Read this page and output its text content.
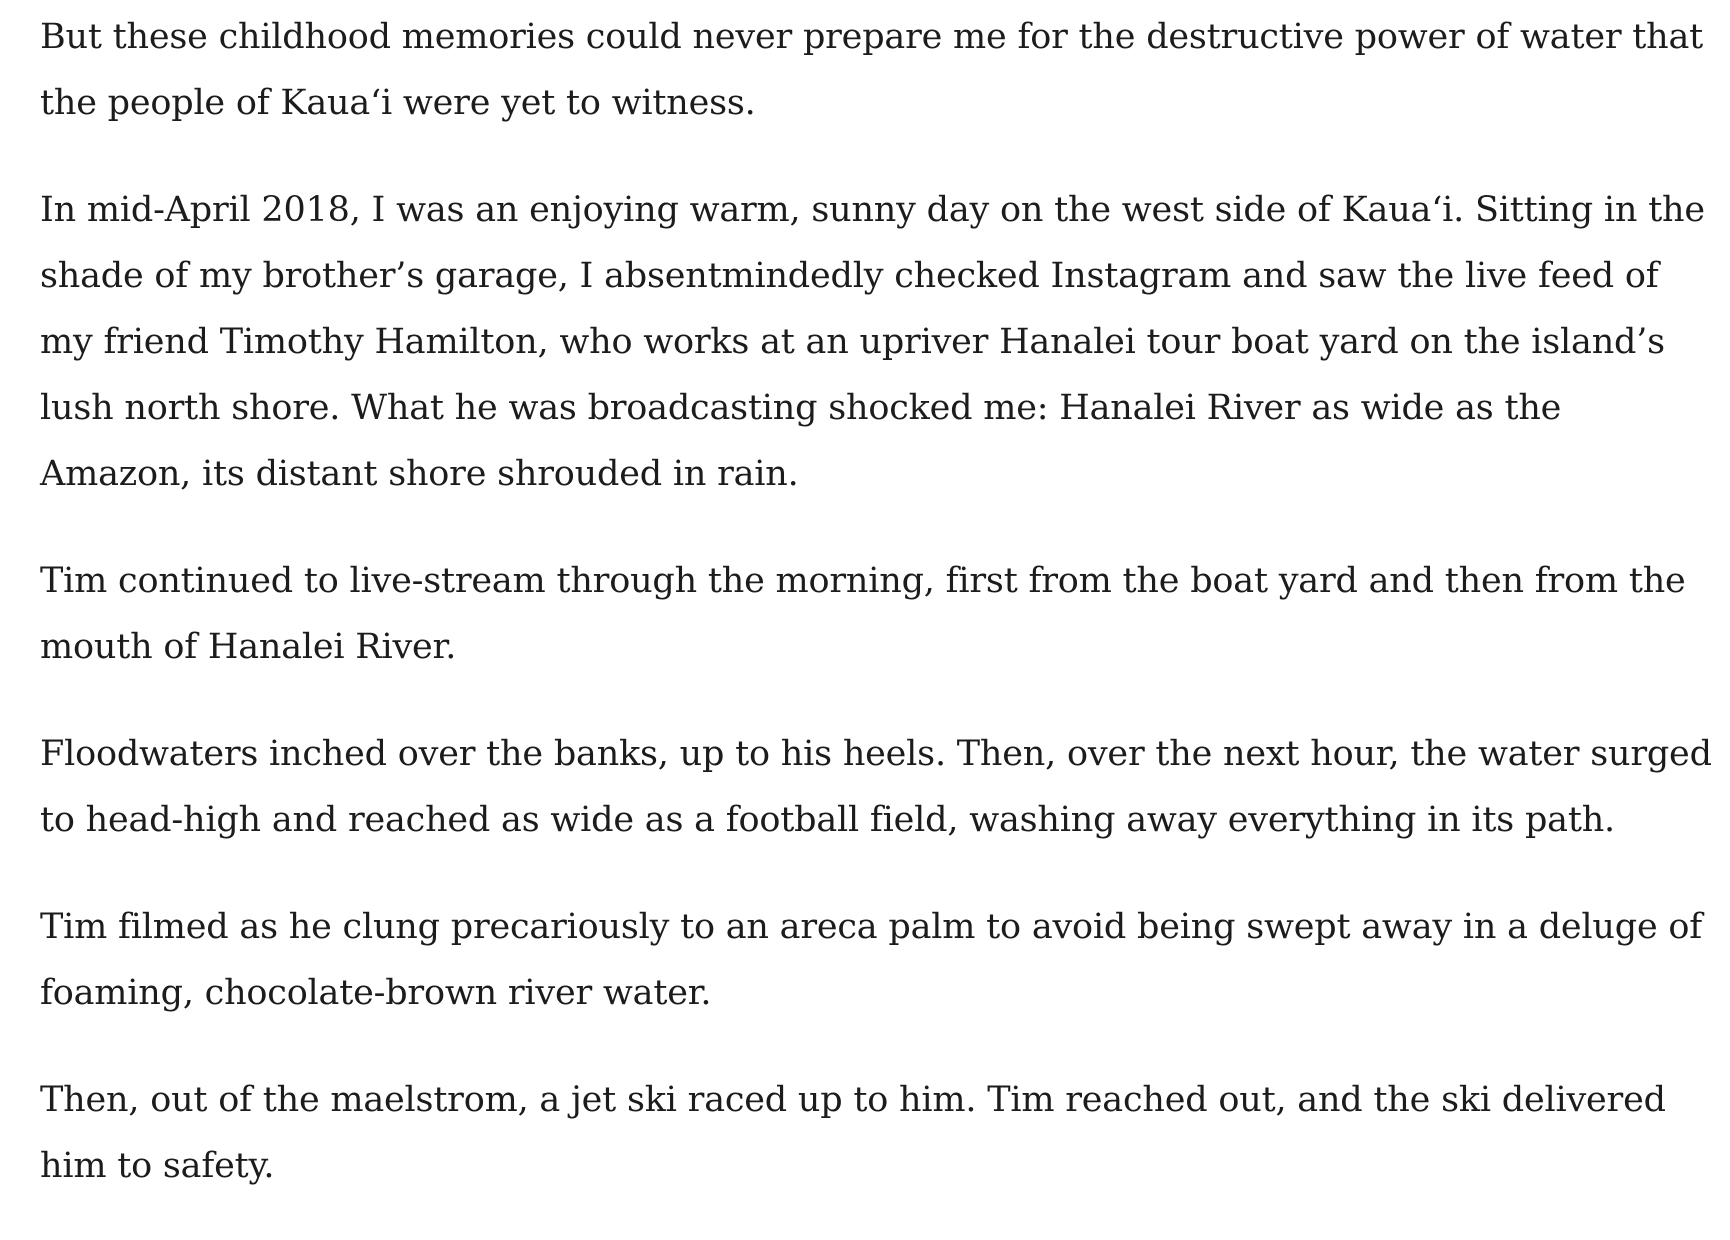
But these childhood memories could never prepare me for the destructive power of water that the people of Kauaʻi were yet to witness.

In mid-April 2018, I was an enjoying warm, sunny day on the west side of Kauaʻi. Sitting in the shade of my brother’s garage, I absentmindedly checked Instagram and saw the live feed of my friend Timothy Hamilton, who works at an upriver Hanalei tour boat yard on the island’s lush north shore. What he was broadcasting shocked me: Hanalei River as wide as the Amazon, its distant shore shrouded in rain.

Tim continued to live-stream through the morning, first from the boat yard and then from the mouth of Hanalei River.

Floodwaters inched over the banks, up to his heels. Then, over the next hour, the water surged to head-high and reached as wide as a football field, washing away everything in its path.

Tim filmed as he clung precariously to an areca palm to avoid being swept away in a deluge of foaming, chocolate-brown river water.

Then, out of the maelstrom, a jet ski raced up to him. Tim reached out, and the ski delivered him to safety.
